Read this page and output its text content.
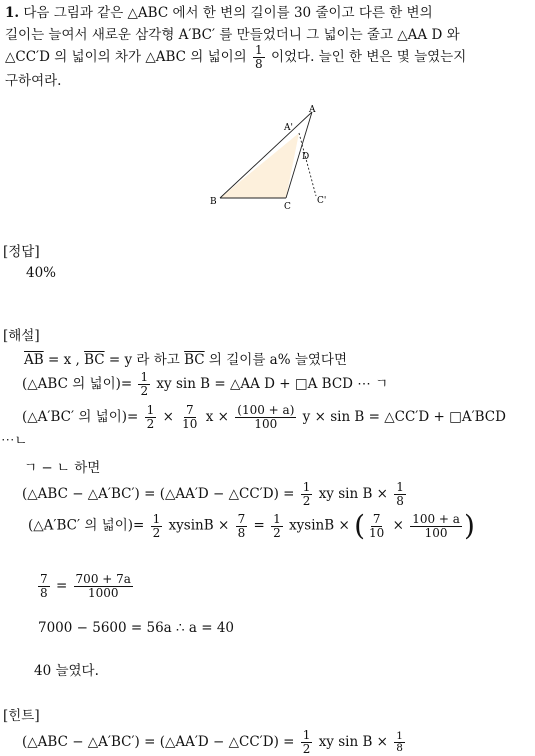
1. 다음 그림과 같은 △ABC 에서 한 변의 길이를 30 줄이고 다른 한 변의
길이는 늘여서 새로운 삼각형 A′BC′ 를 만들었더니 그 넓이는 줄고 △AA D 와
△CC′D 의 넓이의 차가 △ABC 의 넓이의 $\frac{1}{8}$ 이었다. 늘인 한 변은 몇 늘였는지
구하여라.
A
A'
D
B	C
C'
[정답]
40%
[해설]
$\overline{AB} = x$ , $\overline{BC} = y$ 라 하고 $\overline{BC}$ 의 길이를 a% 늘였다면
(△ABC 의 넓이)= $\frac{1}{2}$ xy sin B = △AA D + □A BCD ⋯ ㄱ
(△A′BC′ 의 넓이)= $\frac{1}{2} \times \frac{7}{10}$ $x \times \frac{(100 + a)}{100}$ y × sin B = △CC′D + □A′BCD
⋯ㄴ
ㄱ − ㄴ 하면
(△ABC − △A′BC′) = (△AA′D − △CC′D) = $\frac{1}{2}$ xy $\sin B \times \frac{1}{8}$
(△A′BC′ 의 넓이)= $\frac{1}{2}$ $xysinB \times \frac{7}{8} = \frac{1}{2}$ xysinB × ( $\frac{7}{10} \times \frac{100 + a}{100}$ )
$\frac{7}{8} = \frac{700 + 7a}{1000}$
7000 − 5600 = 56a ∴ a = 40
40 늘였다.
[힌트]
(△ABC − △A′BC′) = (△AA′D − △CC′D) = $\frac{1}{2}$ xy $\sin B \times \frac{1}{8}$
